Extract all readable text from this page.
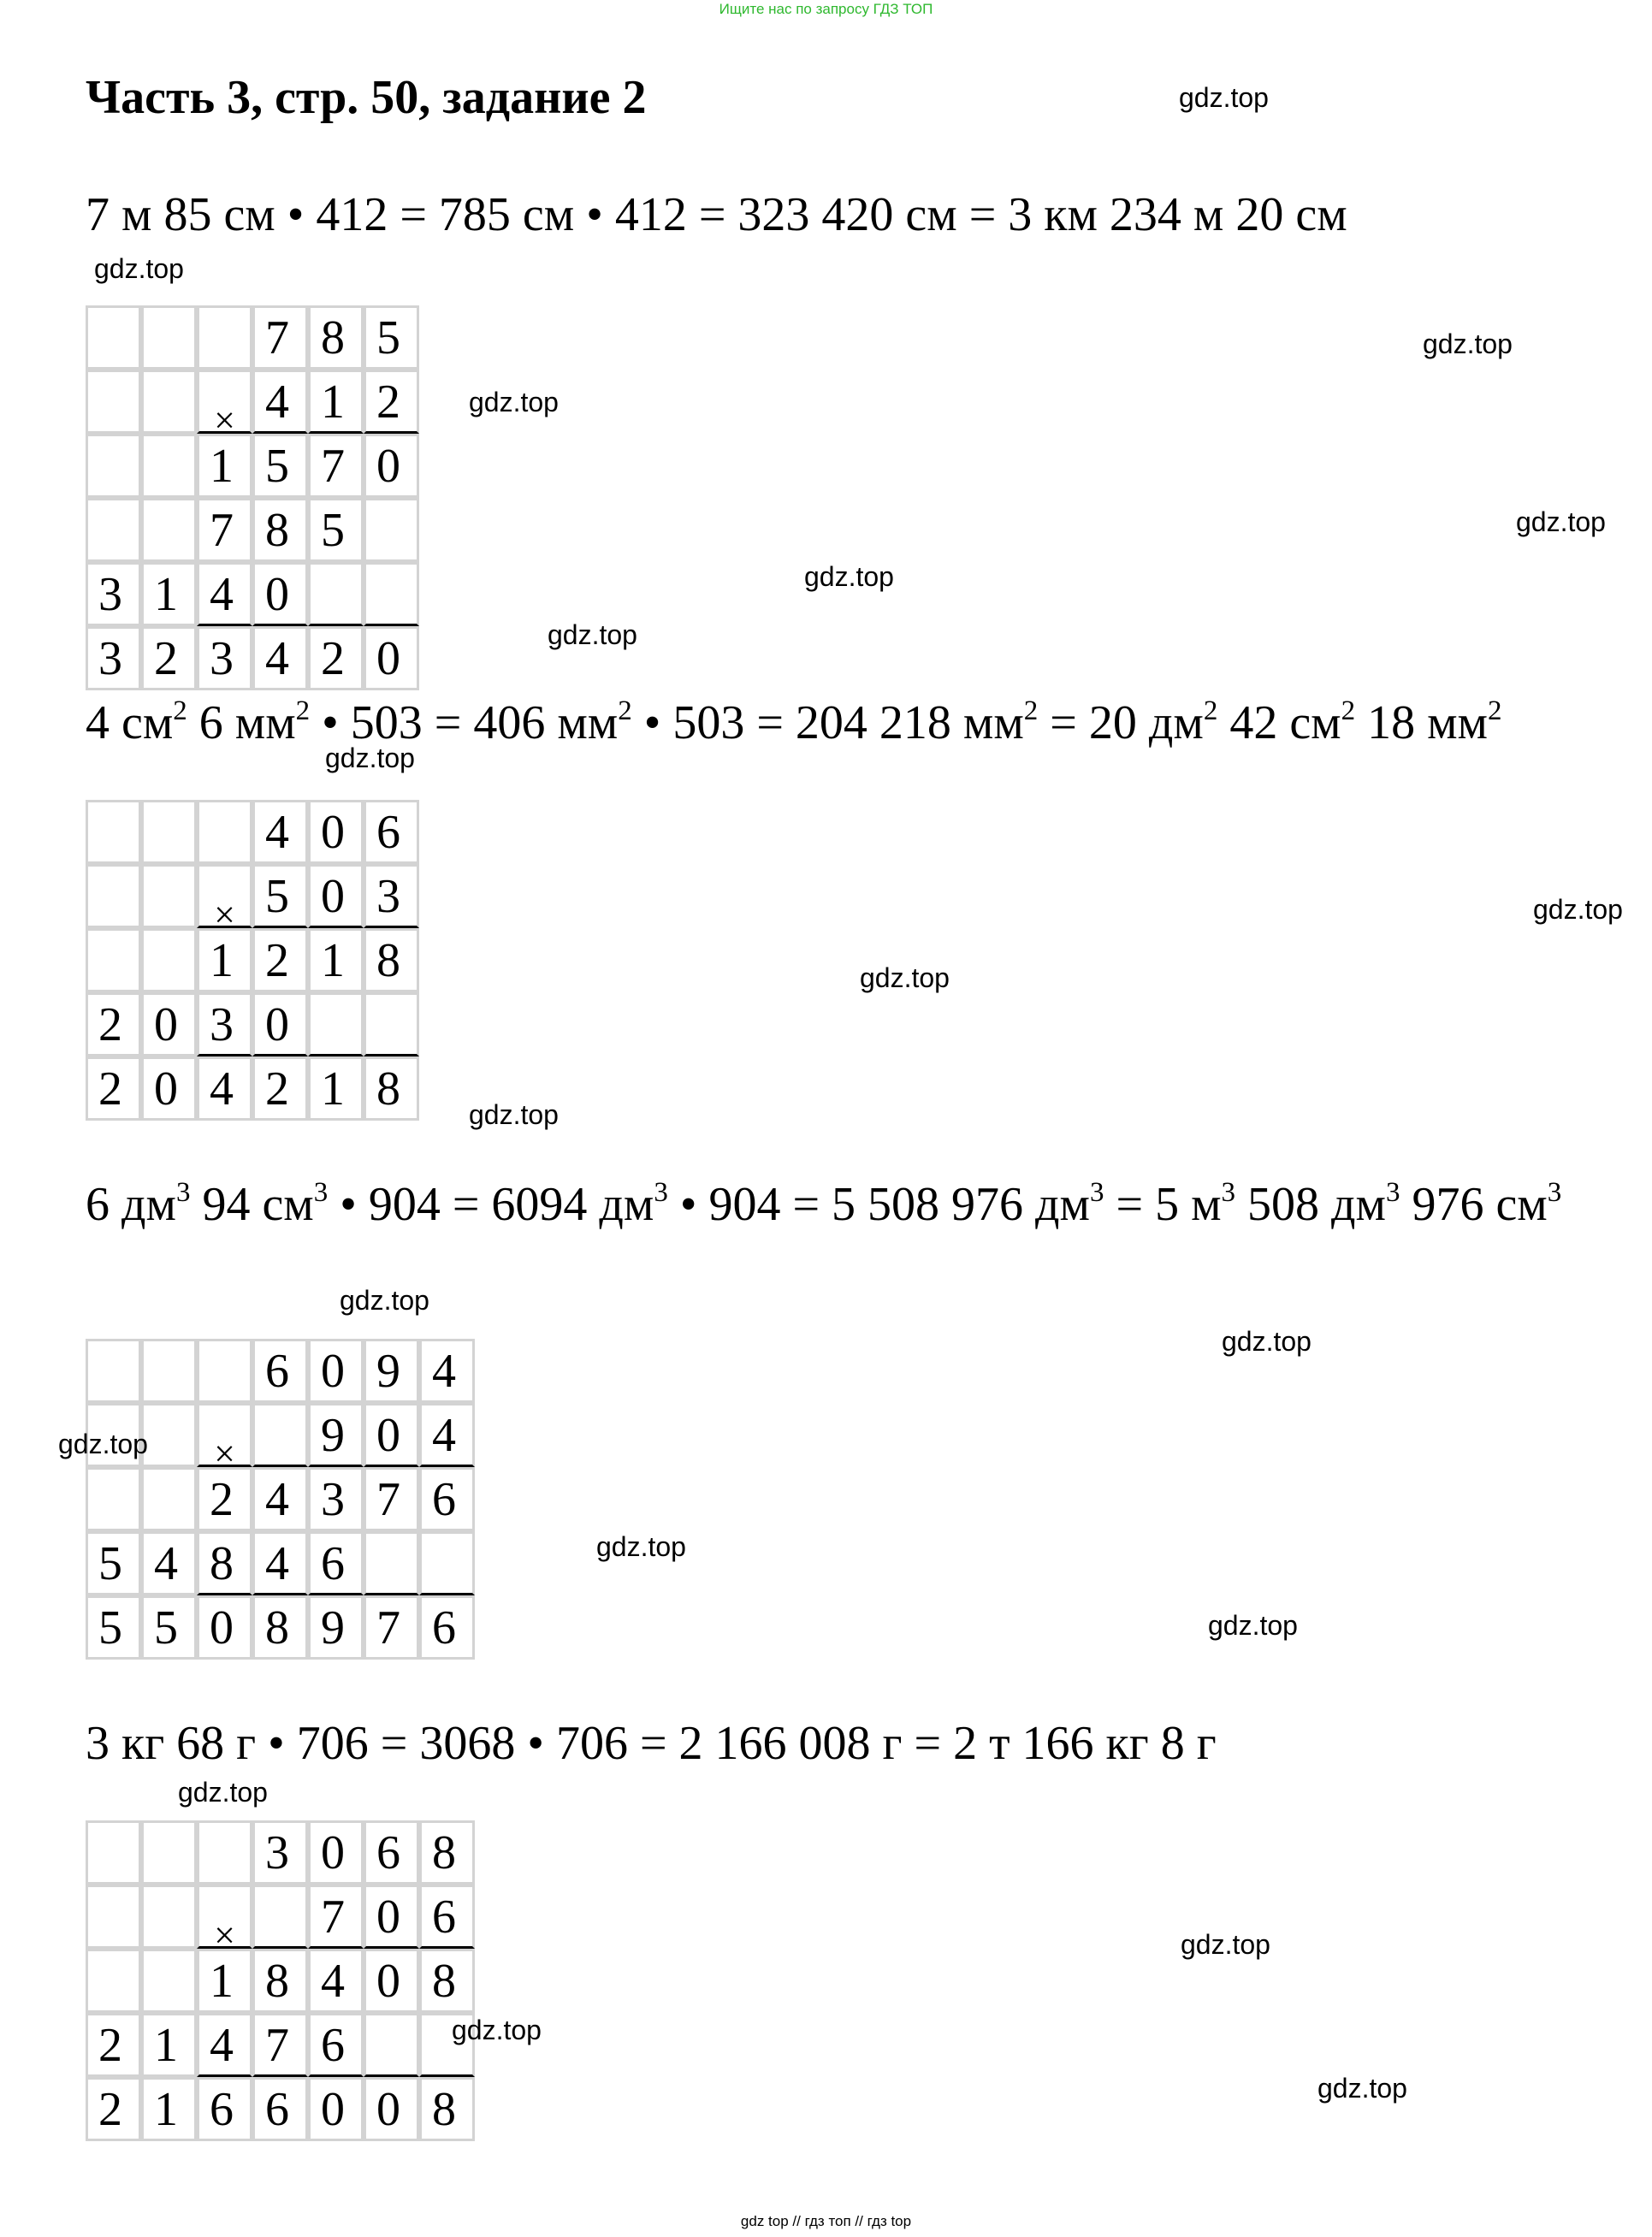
Ищите нас по запросу ГДЗ ТОП
Часть 3, стр. 50, задание 2
7 м 85 см • 412 = 785 см • 412 = 323 420 см = 3 км 234 м 20 см
7 8 5
× 4 1 2
1 5 7 0
7 8 5
3 1 4 0
3 2 3 4 2 0
4 $см^2$ 6 $мм^2$ • 503 = 406 $мм^2$ • 503 = 204 218 $мм^2 = 20$ $дм^2$ 42 $см^2$ 18 $мм^2$
4 0 6
× 5 0 3
1 2 1 8
2 0 3 0
2 0 4 2 1 8
6 $дм^3$ 94 $см^3$ • 904 = 6094 $дм^3$ • 904 = 5 508 976 $дм^3 = 5$ $м^3$ 508 $дм^3$ 976 $см^3$
6 0 9 4
×	9 0 4
2 4 3 7 6
5 4 8 4 6
5 5 0 8 9 7 6
3 кг 68 г • 706 = 3068 • 706 = 2 166 008 г = 2 т 166 кг 8 г
3 0 6 8
×	7 0 6
1 8 4 0 8
2 1 4 7 6
2 1 6 6 0 0 8
gdz.top
gdz.top
gdz.top
gdz.top
gdz.top
gdz.top
gdz.top
gdz.top
gdz.top
gdz.top
gdz.top
gdz.top
gdz.top
gdz.top
gdz.top
gdz.top
gdz.top
gdz.top
gdz.top
gdz.top
gdz top // гдз топ // гдз top
